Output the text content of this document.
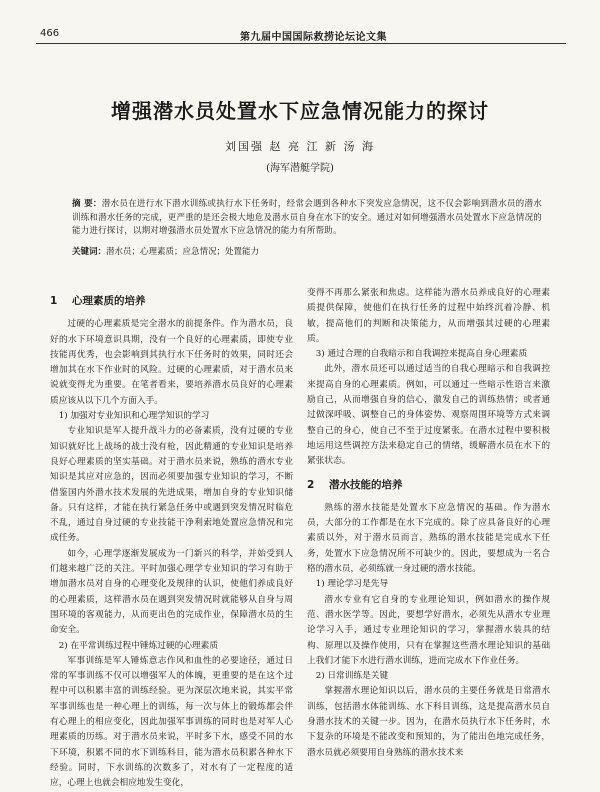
466	第九届中国国际救捞论坛论文集
增强潜水员处置水下应急情况能力的探讨
刘国强 赵 亮 江 新 汤 海
(海军潜艇学院)
摘 要：潜水员在进行水下潜水训练或执行水下任务时，经常会遇到各种水下突发应急情况，这不仅会影响到潜水员的潜水训练和潜水任务的完成，更严重的是还会极大地危及潜水员自身在水下的安全。通过对如何增强潜水员处置水下应急情况的能力进行探讨，以期对增强潜水员处置水下应急情况的能力有所帮助。
关键词：潜水员；心理素质；应急情况；处置能力
1 心理素质的培养

过硬的心理素质是完全潜水的前提条件。作为潜水员，良好的水下环境意识具期，没有一个良好的心理素质，即使专业技能再优秀，也会影响到其执行水下任务时的效果，同时还会增加其在水下作业时的风险。过硬的心理素质，对于潜水员来说就变得尤为重要。在笔者看来，要培养潜水员良好的心理素质应该从以下几个方面入手。

1) 加强对专业知识和心理学知识的学习

专业知识是军人提升战斗力的必备素质，没有过硬的专业知识就好比上战场的战士没有枪，因此精通的专业知识是培养良好心理素质的坚实基础。对于潜水员来说，熟练的潜水专业知识是其应对应急的，因而必须要加强专业知识的学习，不断借鉴国内外潜水技术发展的先进成果，增加自身的专业知识储备。只有这样，才能在执行紧急任务中或遇到突发情况时临危不乱，通过自身过硬的专业技能干净利索地处置应急情况和完成任务。

如今，心理学逐渐发展成为一门新兴的科学，并始受到人们越来越广泛的关注。平时加强心理学专业知识的学习有助于增加潜水员对自身的心理变化及规律的认识，使他们养成良好的心理素质，这样潜水员在遇到突发情况时就能够从自身与周围环境的客观能力，从而更出色的完成作业，保障潜水员的生命安全。

2) 在平常训练过程中锤炼过硬的心理素质

军事训练是军人锤炼意志作风和血性的必要途径，通过日常的军事训练不仅可以增强军人的体魄，更重要的是在这个过程中可以积累丰富的训练经验。更为深层次地来说，其实平常军事训练也是一种心理上的训练，每一次与体上的锻炼都会伴有心理上的相应变化，因此加强军事训练的同时也是对军人心理素质的历练。对于潜水员来说，平时多下水，感受不同的水下环境，积累不同的水下训练科目，能为潜水员积累各种水下经验。同时，下水训练的次数多了，对水有了一定程度的适应，心理上也就会相应地发生变化，

变得不再那么紧张和焦虑。这样能为潜水员养成良好的心理素质提供保障，使他们在执行任务的过程中始终沉着冷静、机敏，提高他们的判断和决策能力，从而增强其过硬的心理素质。

3) 通过合理的自我暗示和自我调控来提高自身心理素质

此外，潜水员还可以通过适当的自我心理暗示和自我调控来提高自身的心理素质。例如，可以通过一些暗示性语言来激励自己，从而增强自身的信心，激发自己的训练热情；或者通过做深呼吸、调整自己的身体姿势、观察周围环境等方式来调整自己的身心，使自己不至于过度紧张。在潜水过程中要积极地运用这些调控方法来稳定自己的情绪，缓解潜水员在水下的紧张状态。

2 潜水技能的培养

熟练的潜水技能是处置水下应急情况的基础。作为潜水员，大部分的工作都是在水下完成的。除了应具备良好的心理素质以外，对于潜水员而言，熟练的潜水技能是完成水下任务，处置水下应急情况所不可缺少的。因此，要想成为一名合格的潜水员，必须练就一身过硬的潜水技能。

1) 理论学习是先导

潜水专业有它自身的专业理论知识，例如潜水的操作规范、潜水医学等。因此，要想学好潜水，必须先从潜水专业理论学习入手，通过专业理论知识的学习，掌握潜水装具的结构、原理以及操作使用，只有在掌握这些潜水理论知识的基础上我们才能下水进行潜水训练，进而完成水下作业任务。

2) 日常训练是关键

掌握潜水理论知识以后，潜水员的主要任务就是日常潜水训练，包括潜水体能训练、水下科目训练，这是提高潜水员自身潜水技术的关键一步。因为，在潜水员执行水下任务时，水下复杂的环境是不能改变和预知的，为了能出色地完成任务，潜水员就必须要用自身熟练的潜水技术来
